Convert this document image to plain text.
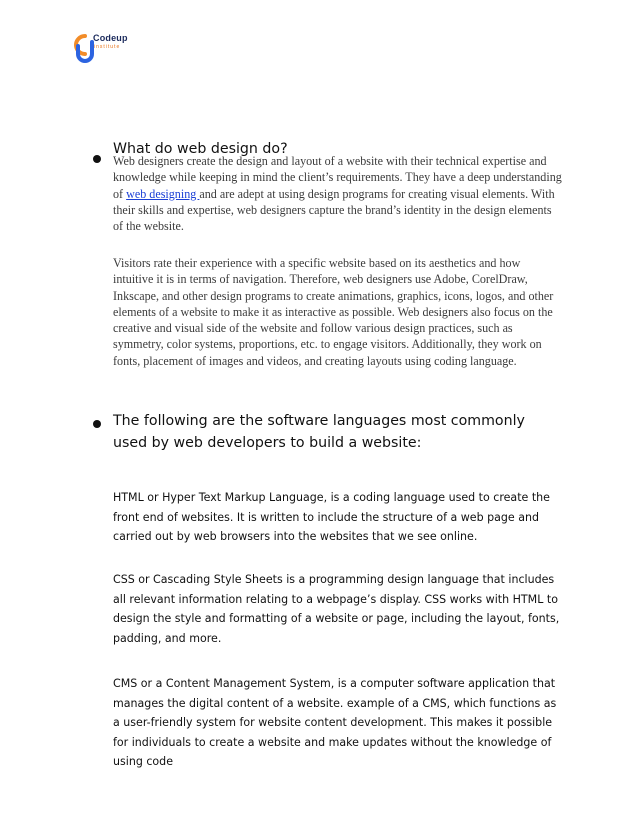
Codeup
institute
What do web design do?
Web designers create the design and layout of a website with their technical expertise and knowledge while keeping in mind the client’s requirements. They have a deep understanding of web designing and are adept at using design programs for creating visual elements. With their skills and expertise, web designers capture the brand’s identity in the design elements of the website.
Visitors rate their experience with a specific website based on its aesthetics and how intuitive it is in terms of navigation. Therefore, web designers use Adobe, CorelDraw, Inkscape, and other design programs to create animations, graphics, icons, logos, and other elements of a website to make it as interactive as possible. Web designers also focus on the creative and visual side of the website and follow various design practices, such as symmetry, color systems, proportions, etc. to engage visitors. Additionally, they work on fonts, placement of images and videos, and creating layouts using coding language.
The following are the software languages most commonly used by web developers to build a website:
HTML or Hyper Text Markup Language, is a coding language used to create the front end of websites. It is written to include the structure of a web page and carried out by web browsers into the websites that we see online.
CSS or Cascading Style Sheets is a programming design language that includes all relevant information relating to a webpage’s display. CSS works with HTML to design the style and formatting of a website or page, including the layout, fonts, padding, and more.
CMS or a Content Management System, is a computer software application that manages the digital content of a website. example of a CMS, which functions as a user-friendly system for website content development. This makes it possible for individuals to create a website and make updates without the knowledge of using code
